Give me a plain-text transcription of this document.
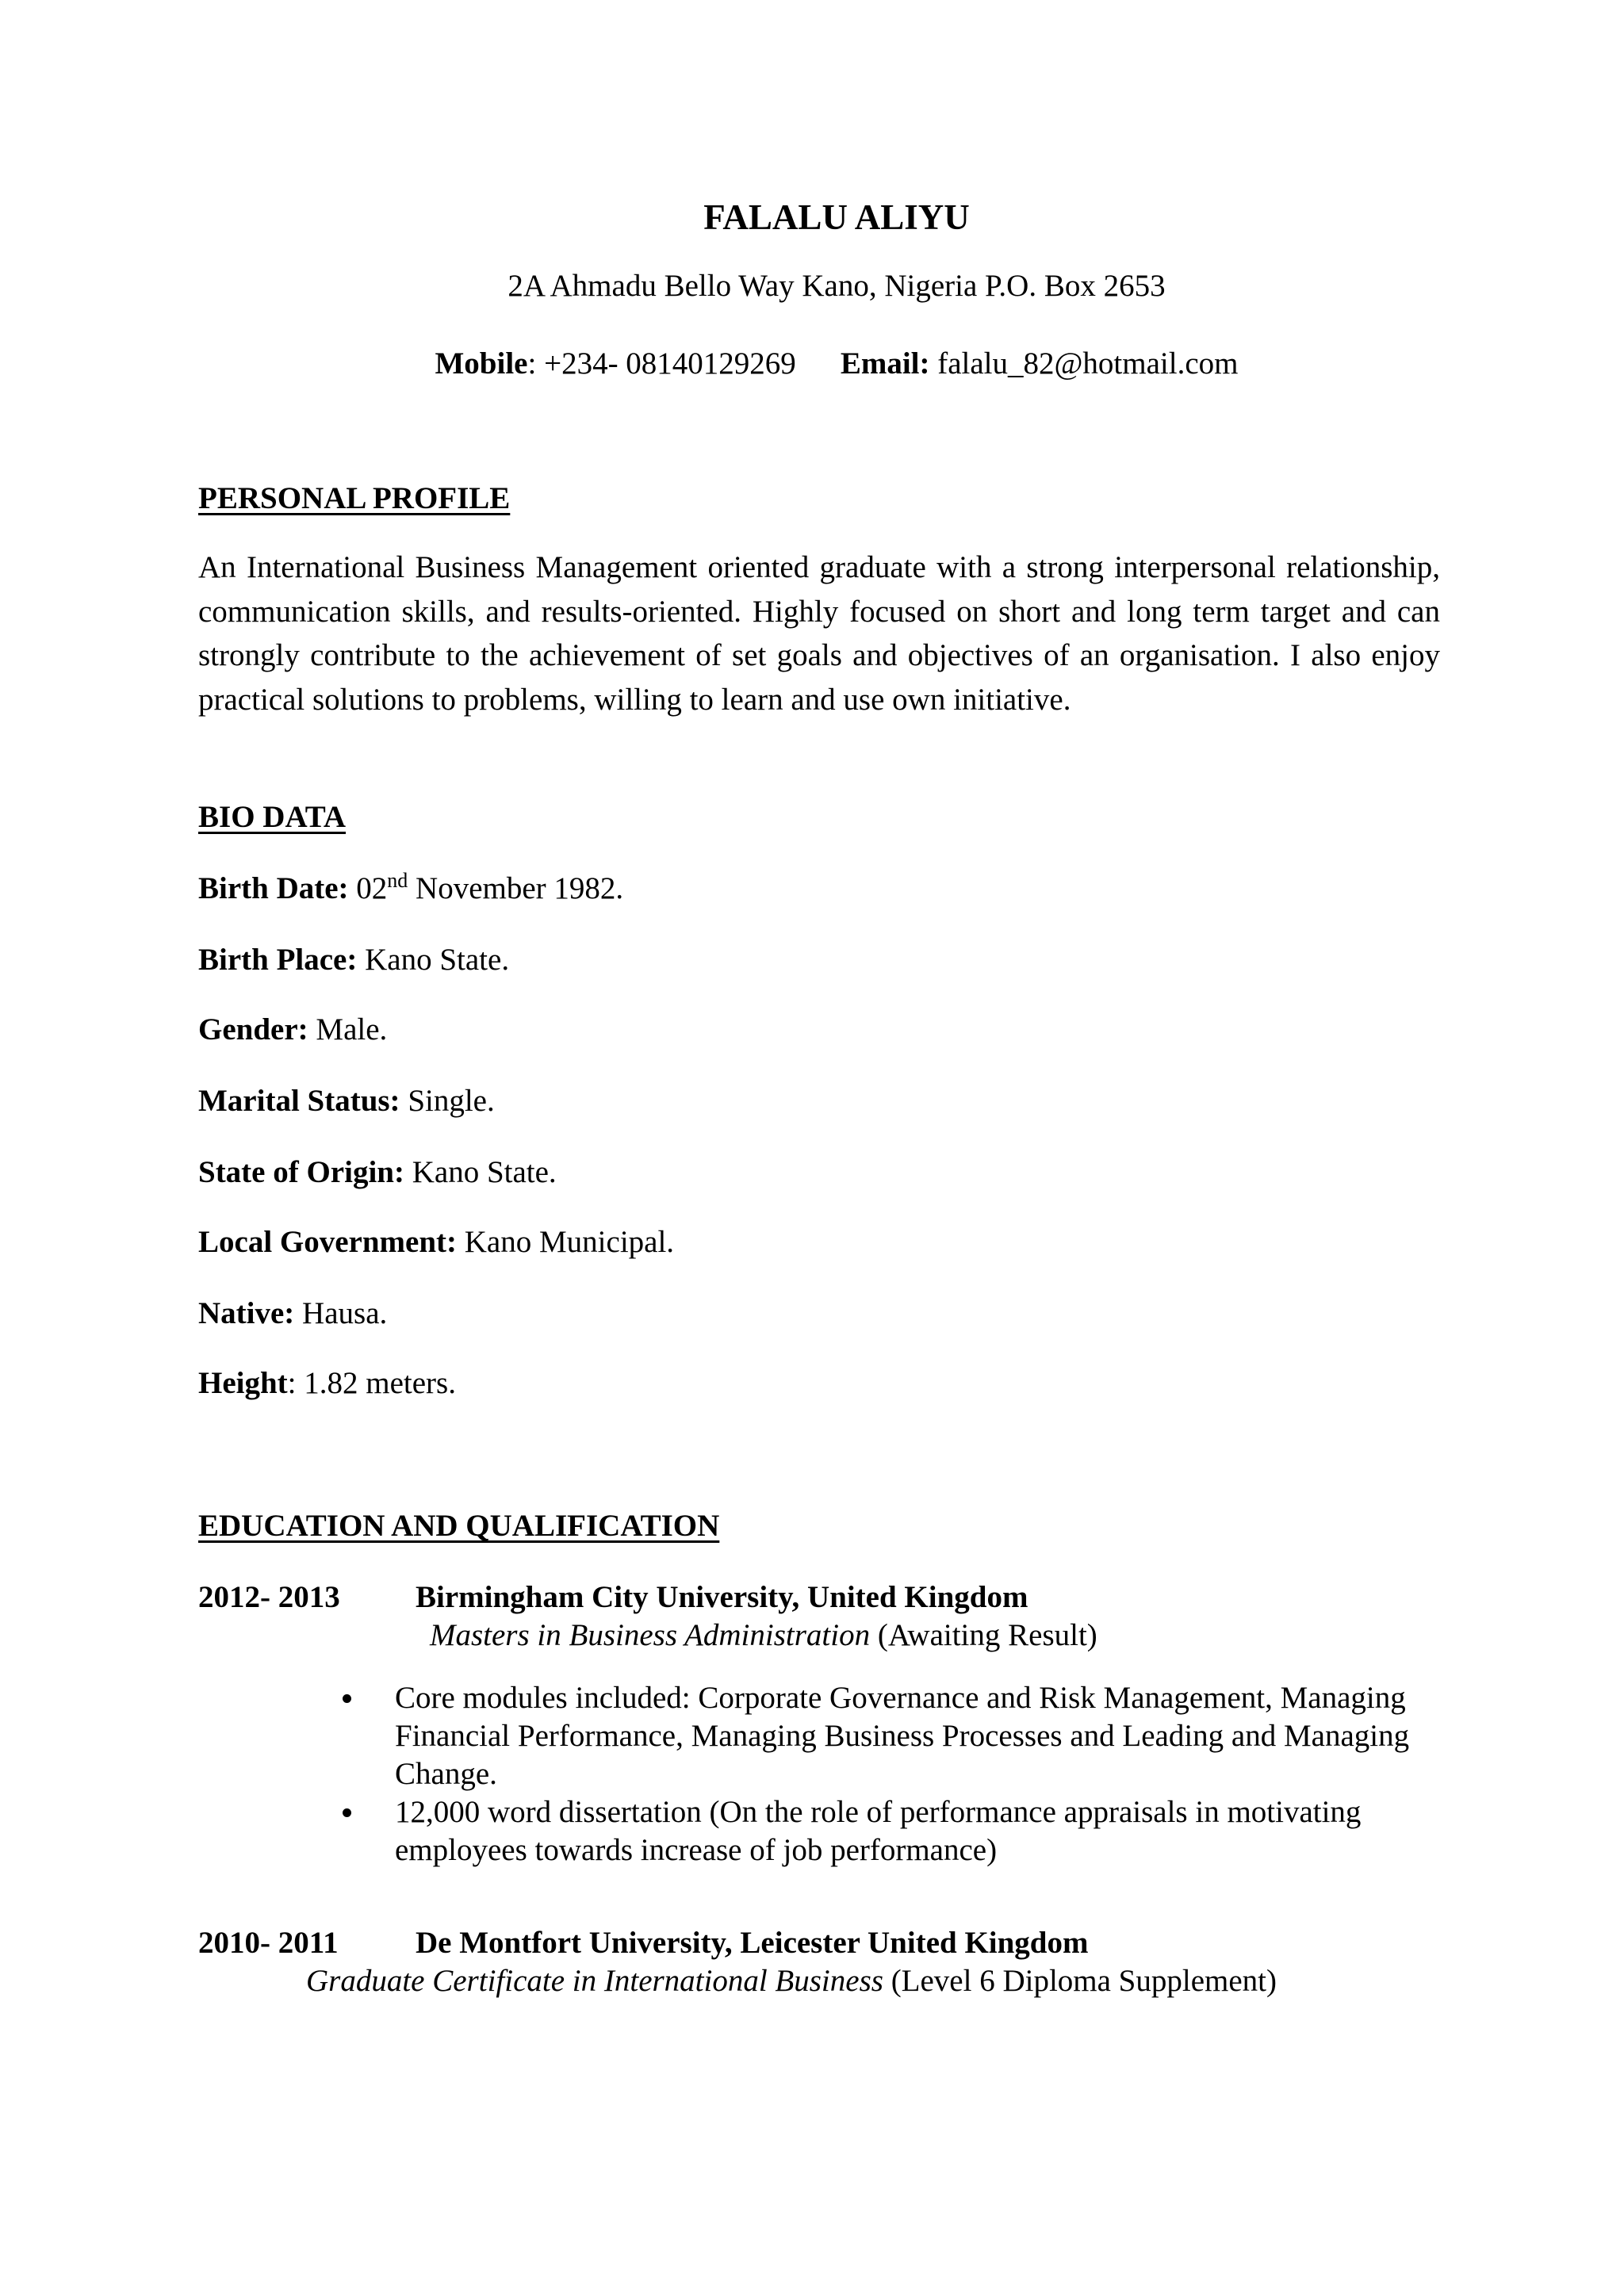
FALALU ALIYU
2A Ahmadu Bello Way Kano, Nigeria P.O. Box 2653
Mobile: +234- 08140129269 Email: falalu_82@hotmail.com
PERSONAL PROFILE
An International Business Management oriented graduate with a strong interpersonal relationship, communication skills, and results-oriented. Highly focused on short and long term target and can strongly contribute to the achievement of set goals and objectives of an organisation. I also enjoy practical solutions to problems, willing to learn and use own initiative.
BIO DATA
Birth Date: 02nd November 1982.
Birth Place: Kano State.
Gender: Male.
Marital Status: Single.
State of Origin: Kano State.
Local Government: Kano Municipal.
Native: Hausa.
Height: 1.82 meters.
EDUCATION AND QUALIFICATION
2012- 2013 Birmingham City University, United Kingdom
Masters in Business Administration (Awaiting Result)
Core modules included: Corporate Governance and Risk Management, Managing Financial Performance, Managing Business Processes and Leading and Managing Change.
12,000 word dissertation (On the role of performance appraisals in motivating employees towards increase of job performance)
2010- 2011 De Montfort University, Leicester United Kingdom
Graduate Certificate in International Business (Level 6 Diploma Supplement)
